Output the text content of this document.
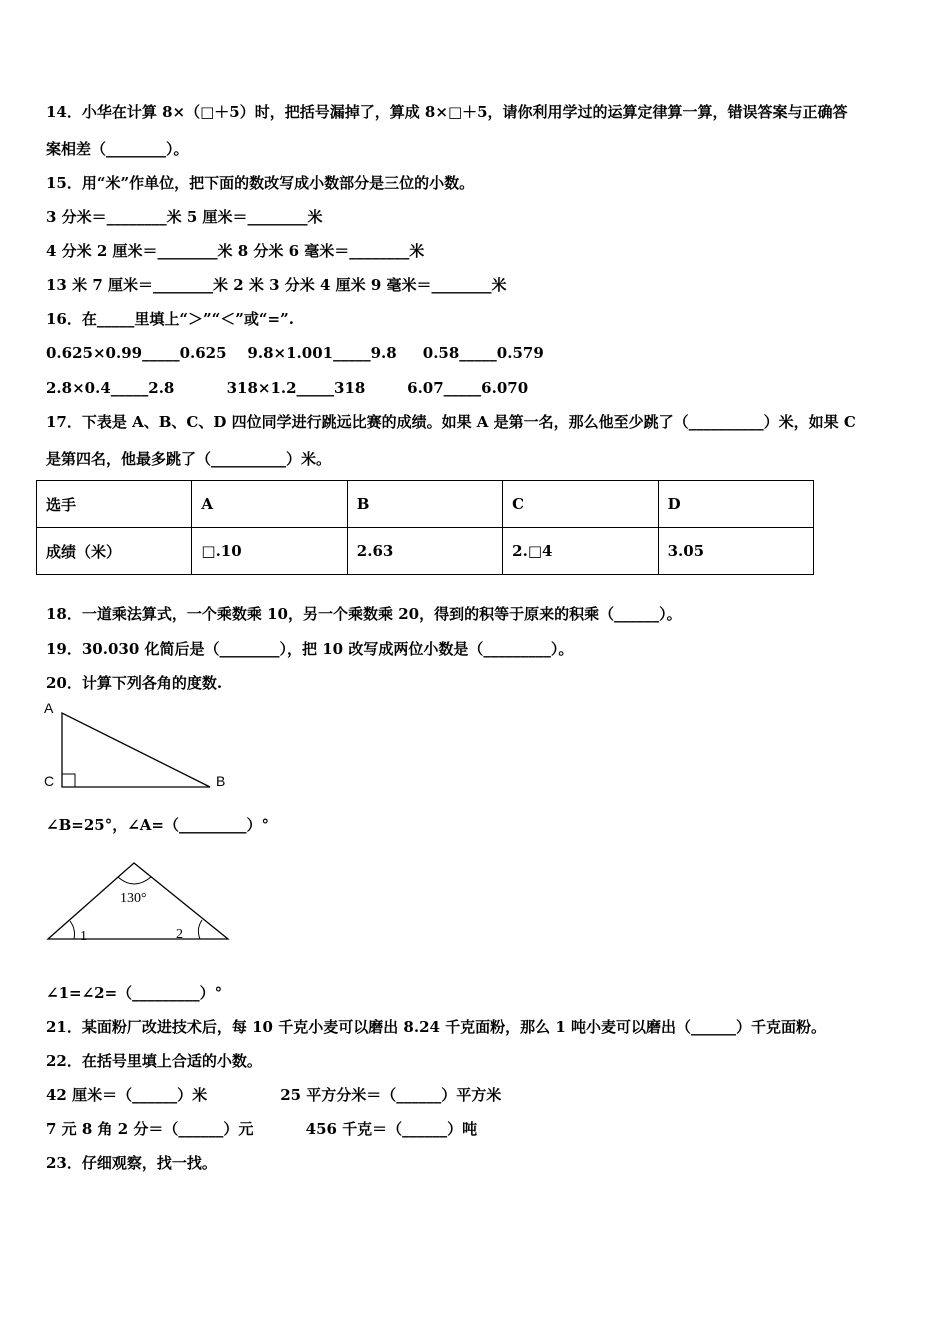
14．小华在计算 8×（□＋5）时，把括号漏掉了，算成 8×□＋5，请你利用学过的运算定律算一算，错误答案与正确答
案相差（________）。
15．用“米”作单位，把下面的数改写成小数部分是三位的小数。
3 分米＝________米 5 厘米＝________米
4 分米 2 厘米＝________米 8 分米 6 毫米＝________米
13 米 7 厘米＝________米 2 米 3 分米 4 厘米 9 毫米＝________米
16．在_____里填上“＞”“＜”或“=”.
0.625×0.99_____0.625    9.8×1.001_____9.8     0.58_____0.579
2.8×0.4_____2.8          318×1.2_____318        6.07_____6.070
17．下表是 A、B、C、D 四位同学进行跳远比赛的成绩。如果 A 是第一名，那么他至少跳了（__________）米，如果 C
是第四名，他最多跳了（__________）米。
选手	A	B	C	D
成绩（米）	□.10	2.63	2.□4	3.05
18．一道乘法算式，一个乘数乘 10，另一个乘数乘 20，得到的积等于原来的积乘（______）。
19．30.030 化简后是（________），把 10 改写成两位小数是（_________）。
20．计算下列各角的度数.
A
C	B
∠B=25°，∠A=（_________）°
130°
1	2
∠1=∠2=（_________）°
21．某面粉厂改进技术后，每 10 千克小麦可以磨出 8.24 千克面粉，那么 1 吨小麦可以磨出（______）千克面粉。
22．在括号里填上合适的小数。
42 厘米＝（______）米              25 平方分米＝（______）平方米
7 元 8 角 2 分＝（______）元          456 千克＝（______）吨
23．仔细观察，找一找。
